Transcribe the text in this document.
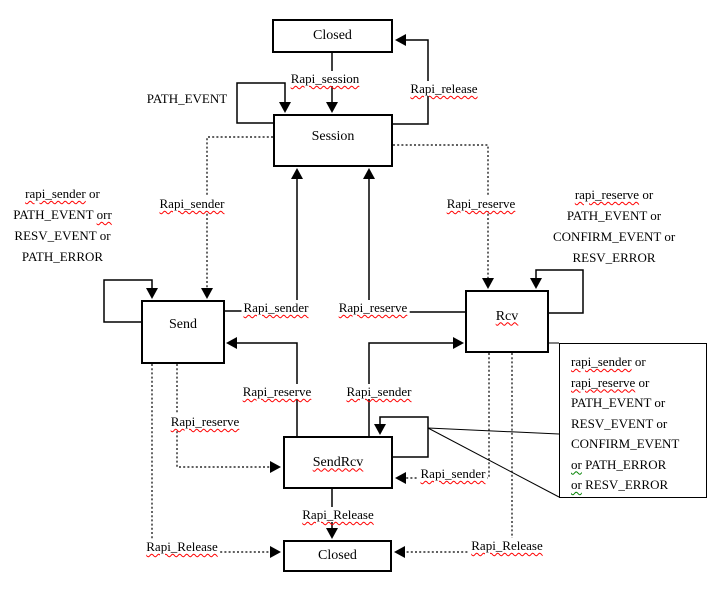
Closed
Session
Send
Rcv
SendRcv
Closed
Rapi_session
Rapi_release
PATH_EVENT
Rapi_sender	Rapi_reserve
Rapi_sender Rapi_reserve
Rapi_reserve	Rapi_sender
Rapi_reserve
Rapi_sender
Rapi_Release
Rapi_Release	Rapi_Release
rapi_sender or
PATH_EVENT orr
RESV_EVENT or
PATH_ERROR
rapi_reserve or
PATH_EVENT or
CONFIRM_EVENT or
RESV_ERROR
rapi_sender or
rapi_reserve or
PATH_EVENT or
RESV_EVENT or
CONFIRM_EVENT
or PATH_ERROR
or RESV_ERROR
